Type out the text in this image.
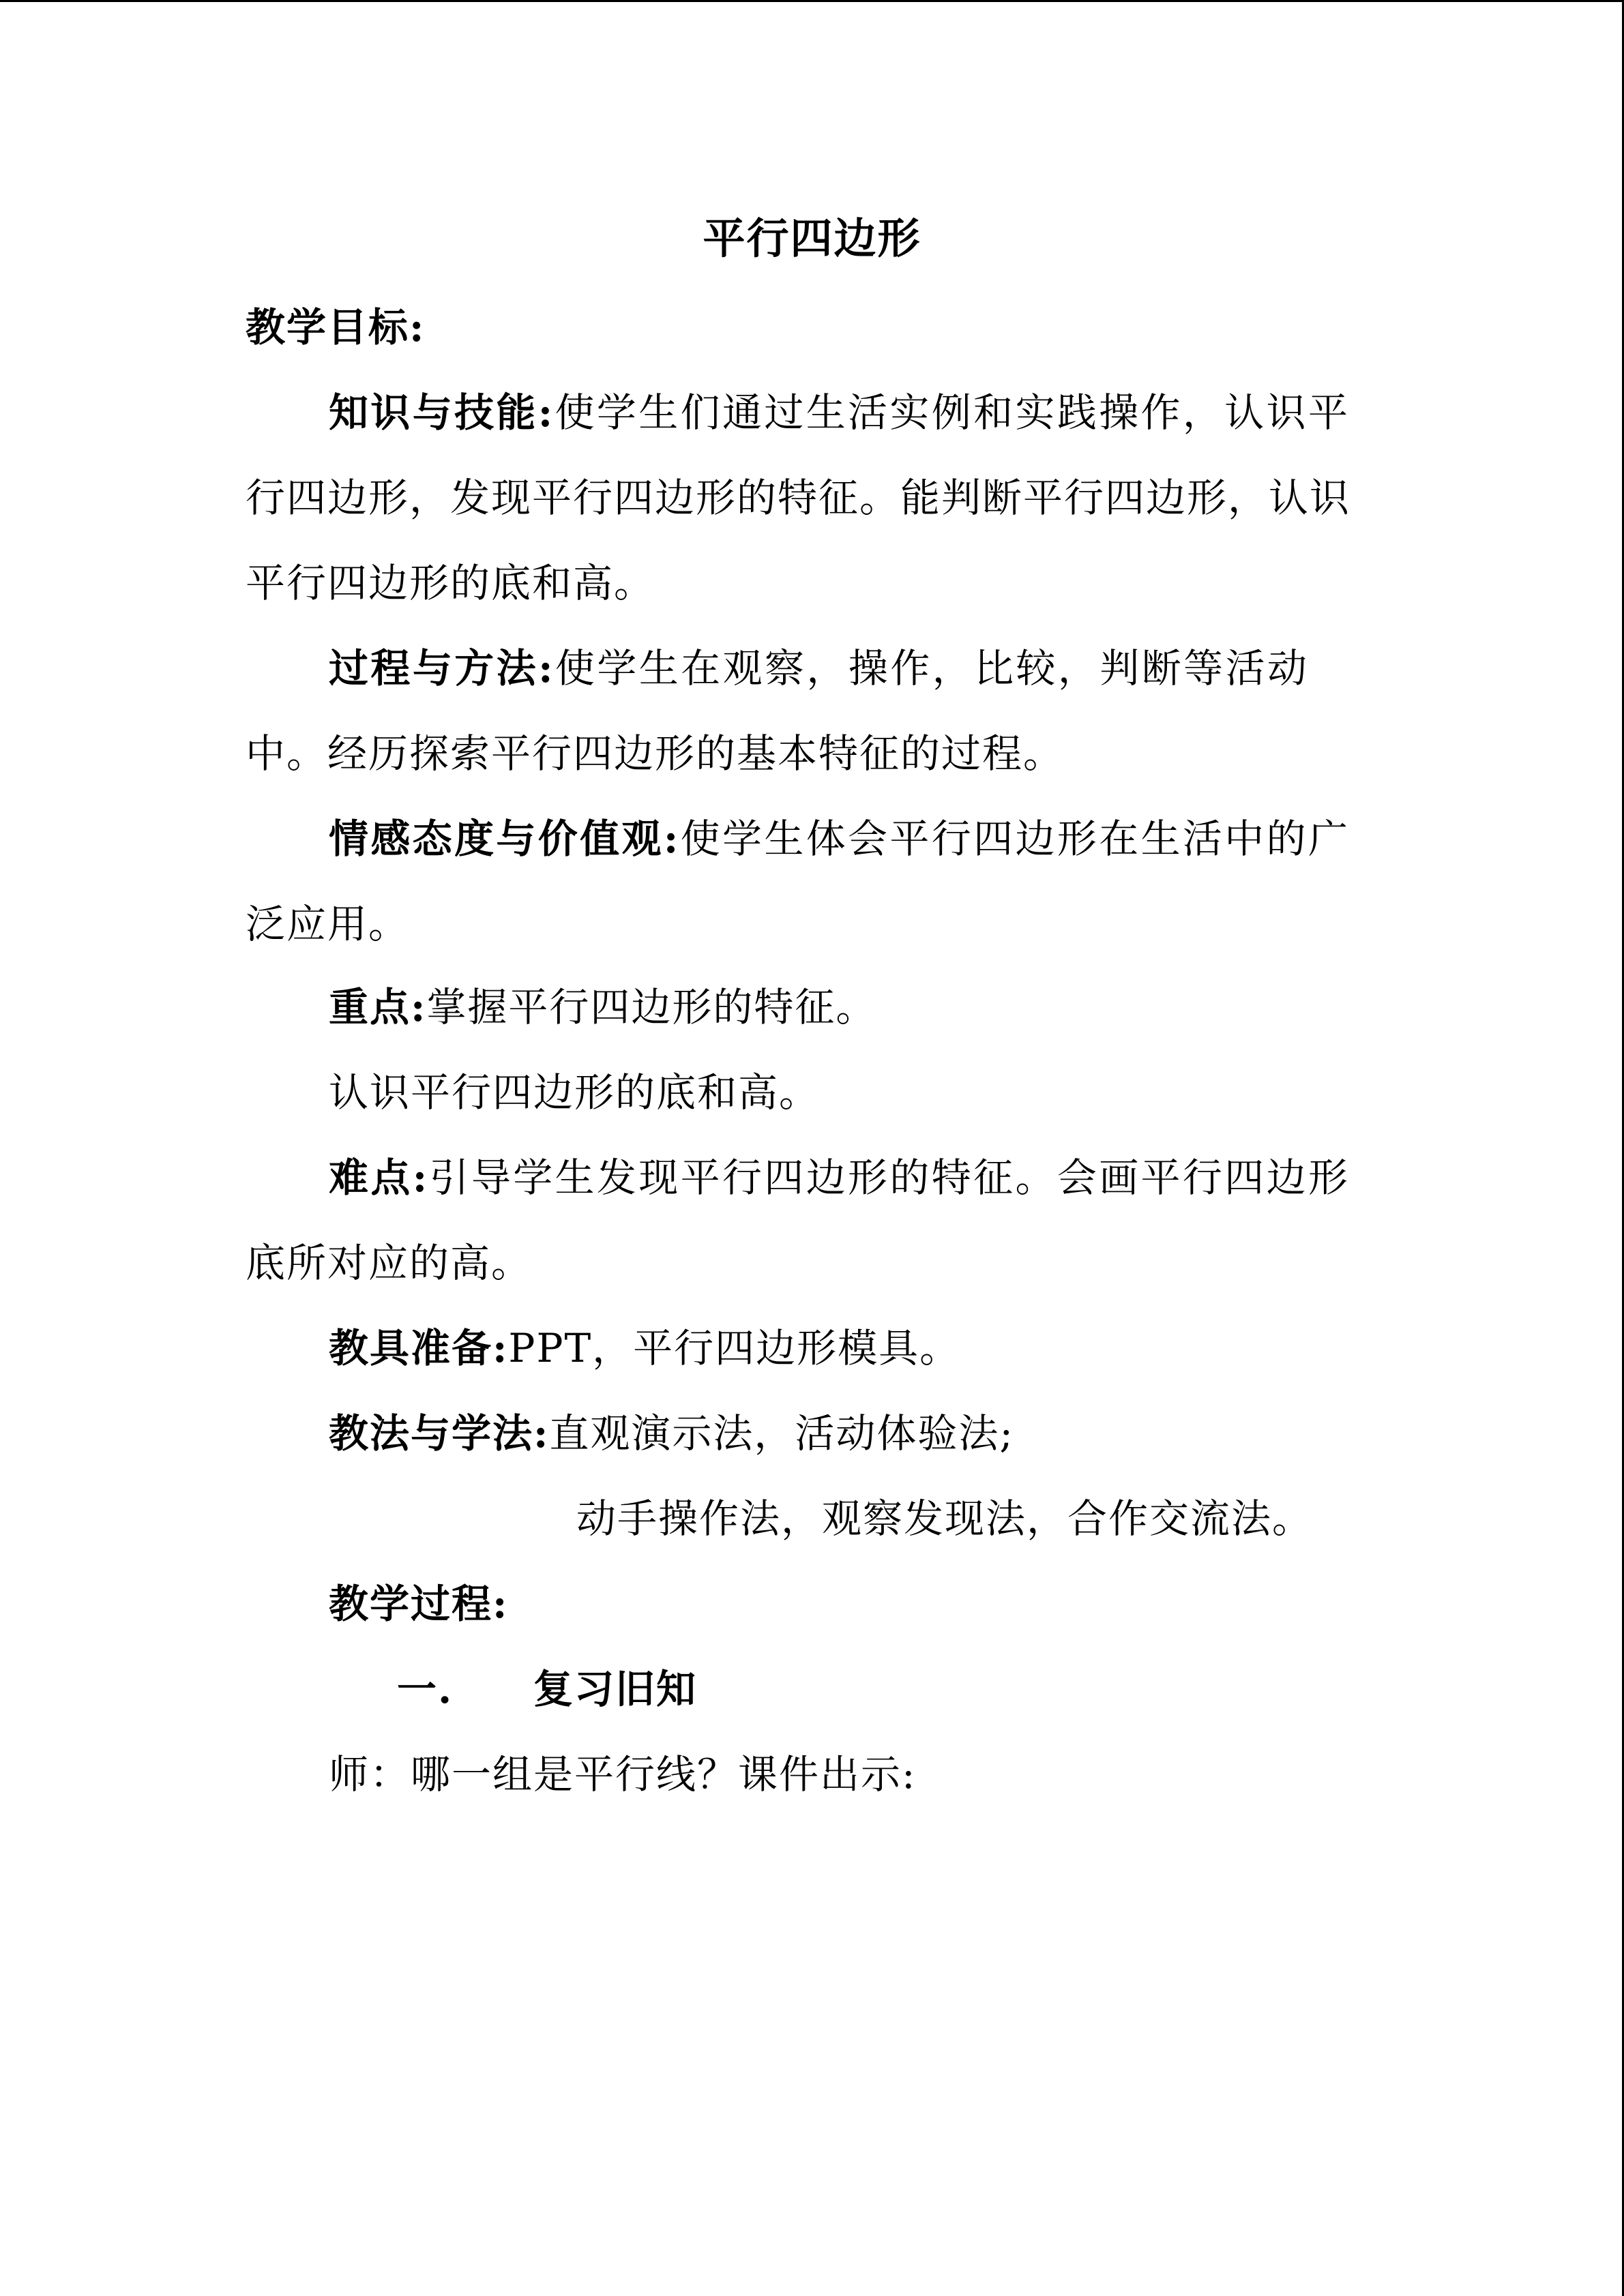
平行四边形
教学目标:
知识与技能:使学生们通过生活实例和实践操作，认识平
行四边形，发现平行四边形的特征。能判断平行四边形，认识
平行四边形的底和高。
过程与方法:使学生在观察，操作，比较，判断等活动
中。经历探索平行四边形的基本特征的过程。
情感态度与价值观:使学生体会平行四边形在生活中的广
泛应用。
重点:掌握平行四边形的特征。
认识平行四边形的底和高。
难点:引导学生发现平行四边形的特征。会画平行四边形
底所对应的高。
教具准备:PPT，平行四边形模具。
教法与学法:直观演示法，活动体验法;
动手操作法，观察发现法，合作交流法。
教学过程:
一. 复习旧知
师：哪一组是平行线？课件出示:
